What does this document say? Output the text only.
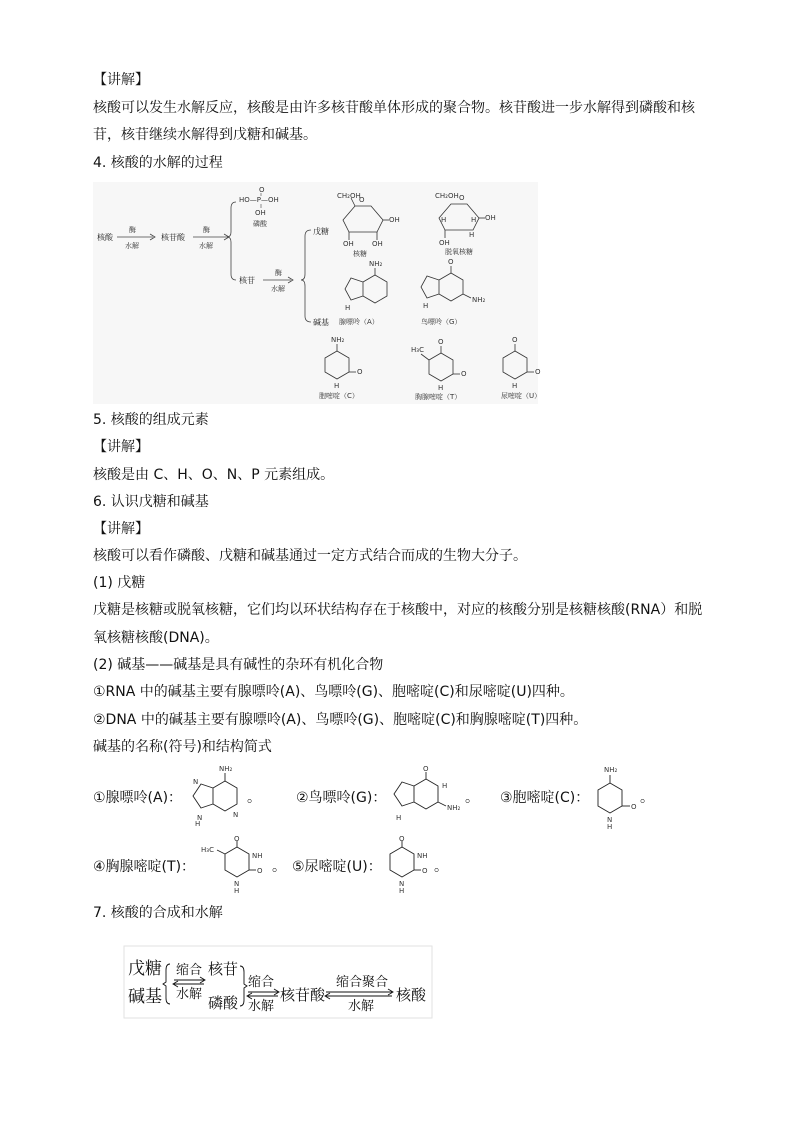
【讲解】
核酸可以发生水解反应，核酸是由许多核苷酸单体形成的聚合物。核苷酸进一步水解得到磷酸和核
苷，核苷继续水解得到戊糖和碱基。
4. 核酸的水解的过程
核酸
酶
水解
核苷酸
酶
水解
HO—P—OH
O
OH
磷酸
核苷
酶
水解
戊糖
碱基
CH₂OH
O
OH
OH	OH
核糖
CH₂OH O
OH
H	H
OH
H
脱氧核糖
NH₂
H
腺嘌呤（A）
O
NH₂
H
鸟嘌呤（G）
NH₂
O
H
胞嘧啶（C）
H₃C
O
O
H
胸腺嘧啶（T）
O
O
H
尿嘧啶（U）
5. 核酸的组成元素
【讲解】
核酸是由 C、H、O、N、P 元素组成。
6. 认识戊糖和碱基
【讲解】
核酸可以看作磷酸、戊糖和碱基通过一定方式结合而成的生物大分子。
(1) 戊糖
戊糖是核糖或脱氧核糖，它们均以环状结构存在于核酸中，对应的核酸分别是核糖核酸(RNA）和脱
氧核糖核酸(DNA)。
(2) 碱基——碱基是具有碱性的杂环有机化合物
①RNA 中的碱基主要有腺嘌呤(A)、鸟嘌呤(G)、胞嘧啶(C)和尿嘧啶(U)四种。
②DNA 中的碱基主要有腺嘌呤(A)、鸟嘌呤(G)、胞嘧啶(C)和胸腺嘧啶(T)四种。
碱基的名称(符号)和结构简式
①腺嘌呤(A)：
NH₂
N
N
H
N
。	②鸟嘌呤(G)：
O
H
NH₂
H
。 ③胞嘧啶(C)：
NH₂
O
N
H
。
④胸腺嘧啶(T)：
H₃C
O
NH
O
N
H
。 ⑤尿嘧啶(U)：
O
NH
O
N
H
。
7. 核酸的合成和水解
戊糖
碱基
缩合
水解
核苷
磷酸
缩合
水解
核苷酸
缩合聚合
水解
核酸
